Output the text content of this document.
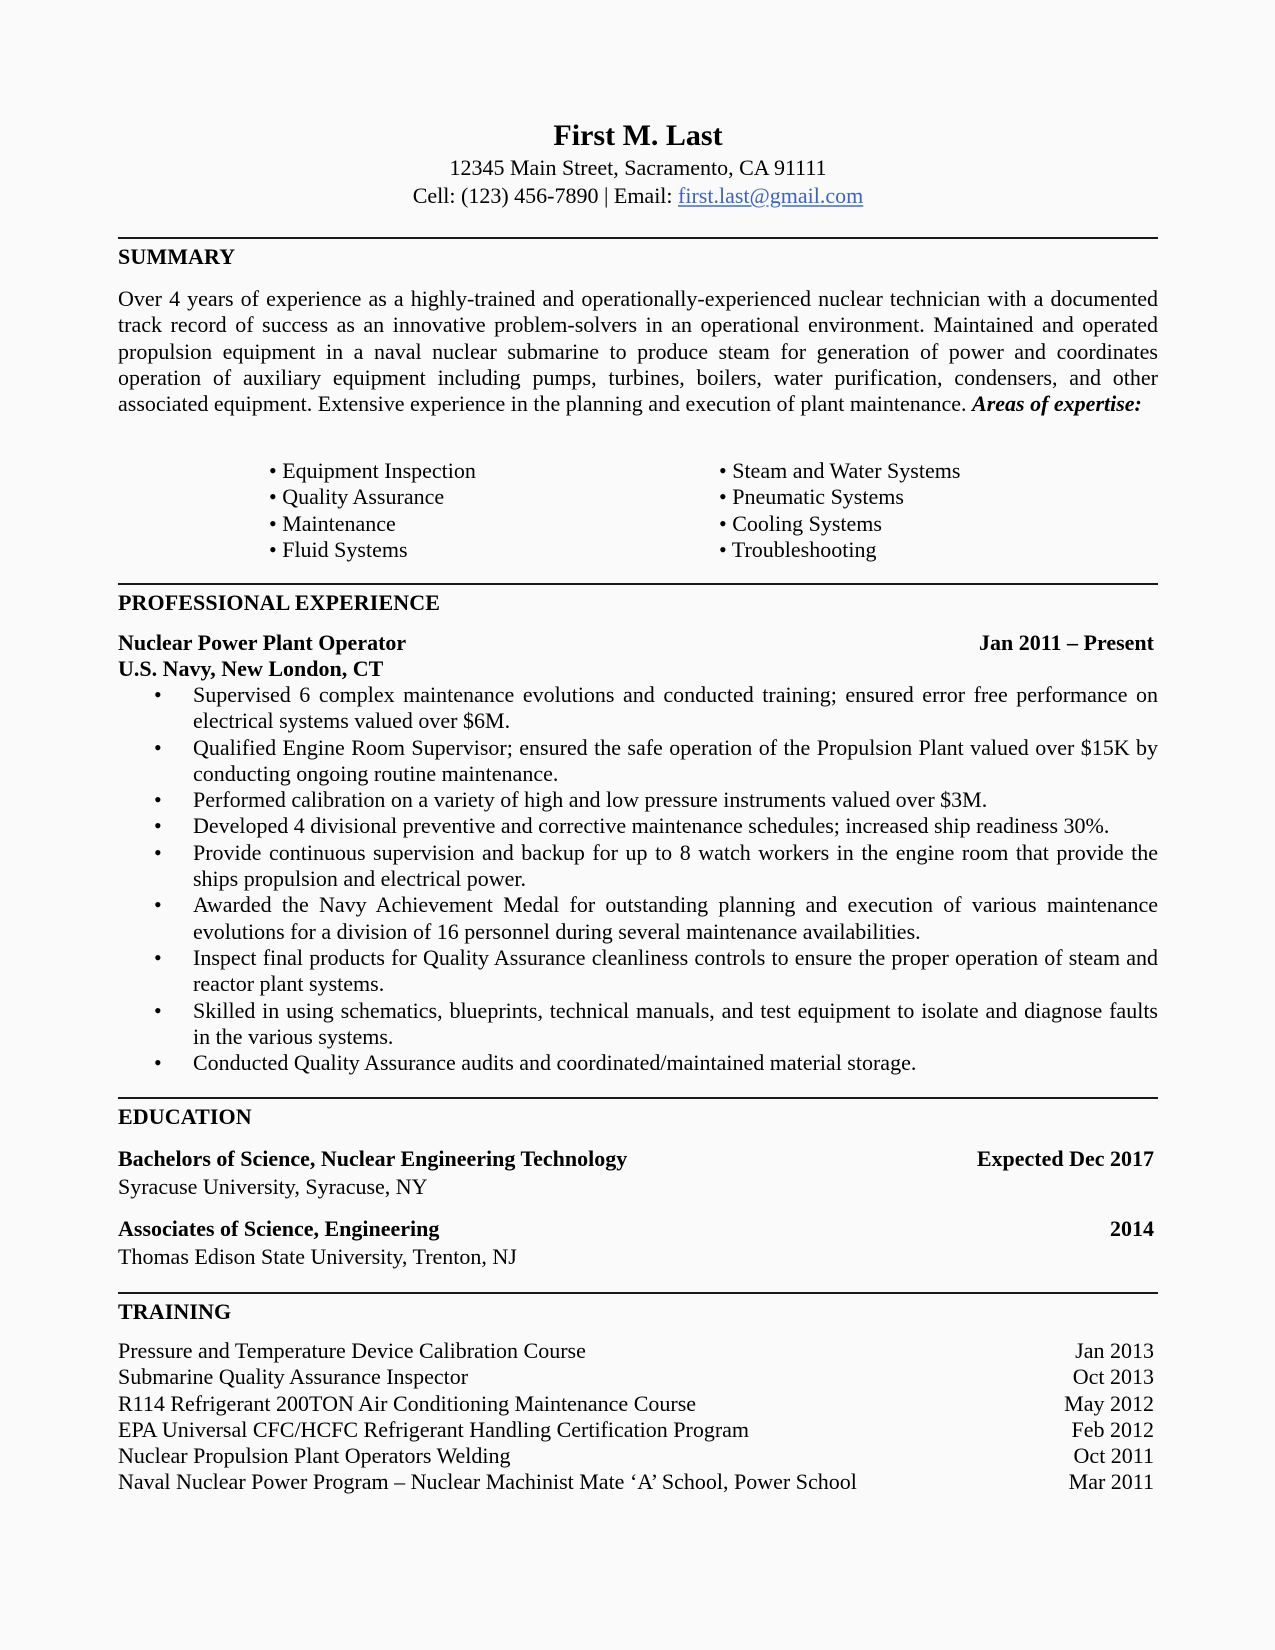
First M. Last
12345 Main Street, Sacramento, CA 91111
Cell: (123) 456-7890 | Email: first.last@gmail.com
SUMMARY
Over 4 years of experience as a highly-trained and operationally-experienced nuclear technician with a documented track record of success as an innovative problem-solvers in an operational environment. Maintained and operated propulsion equipment in a naval nuclear submarine to produce steam for generation of power and coordinates operation of auxiliary equipment including pumps, turbines, boilers, water purification, condensers, and other associated equipment. Extensive experience in the planning and execution of plant maintenance. Areas of expertise:
• Equipment Inspection
• Quality Assurance
• Maintenance
• Fluid Systems
• Steam and Water Systems
• Pneumatic Systems
• Cooling Systems
• Troubleshooting
PROFESSIONAL EXPERIENCE
Nuclear Power Plant Operator	Jan 2011 – Present
U.S. Navy, New London, CT
• Supervised 6 complex maintenance evolutions and conducted training; ensured error free performance on electrical systems valued over $6M.
• Qualified Engine Room Supervisor; ensured the safe operation of the Propulsion Plant valued over $15K by conducting ongoing routine maintenance.
• Performed calibration on a variety of high and low pressure instruments valued over $3M.
• Developed 4 divisional preventive and corrective maintenance schedules; increased ship readiness 30%.
• Provide continuous supervision and backup for up to 8 watch workers in the engine room that provide the ships propulsion and electrical power.
• Awarded the Navy Achievement Medal for outstanding planning and execution of various maintenance evolutions for a division of 16 personnel during several maintenance availabilities.
• Inspect final products for Quality Assurance cleanliness controls to ensure the proper operation of steam and reactor plant systems.
• Skilled in using schematics, blueprints, technical manuals, and test equipment to isolate and diagnose faults in the various systems.
• Conducted Quality Assurance audits and coordinated/maintained material storage.
EDUCATION
Bachelors of Science, Nuclear Engineering Technology	Expected Dec 2017
Syracuse University, Syracuse, NY
Associates of Science, Engineering	2014
Thomas Edison State University, Trenton, NJ
TRAINING
Pressure and Temperature Device Calibration Course	Jan 2013
Submarine Quality Assurance Inspector	Oct 2013
R114 Refrigerant 200TON Air Conditioning Maintenance Course	May 2012
EPA Universal CFC/HCFC Refrigerant Handling Certification Program	Feb 2012
Nuclear Propulsion Plant Operators Welding	Oct 2011
Naval Nuclear Power Program – Nuclear Machinist Mate ‘A’ School, Power School	Mar 2011
